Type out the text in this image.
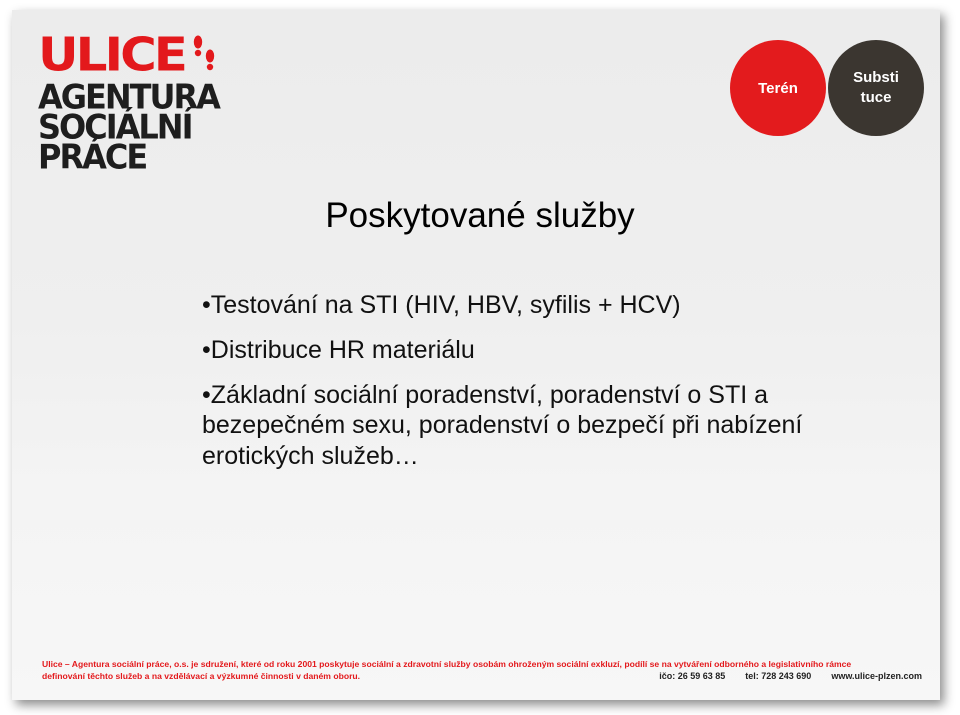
ULICE
AGENTURA
SOCIÁLNÍ
PRÁCE
Terén
Substi
tuce
Poskytované služby
•Testování na STI (HIV, HBV, syfilis + HCV)
•Distribuce HR materiálu
•Základní sociální poradenství, poradenství o STI a bezepečném sexu, poradenství o bezpečí při nabízení erotických služeb…
Ulice – Agentura sociální práce, o.s. je sdružení, které od roku 2001 poskytuje sociální a zdravotní služby osobám ohroženým sociální exkluzí, podílí se na vytváření odborného a legislativního rámce
definování těchto služeb a na vzdělávací a výzkumné činnosti v daném oboru.	ičo: 26 59 63 85 tel: 728 243 690 www.ulice-plzen.com
